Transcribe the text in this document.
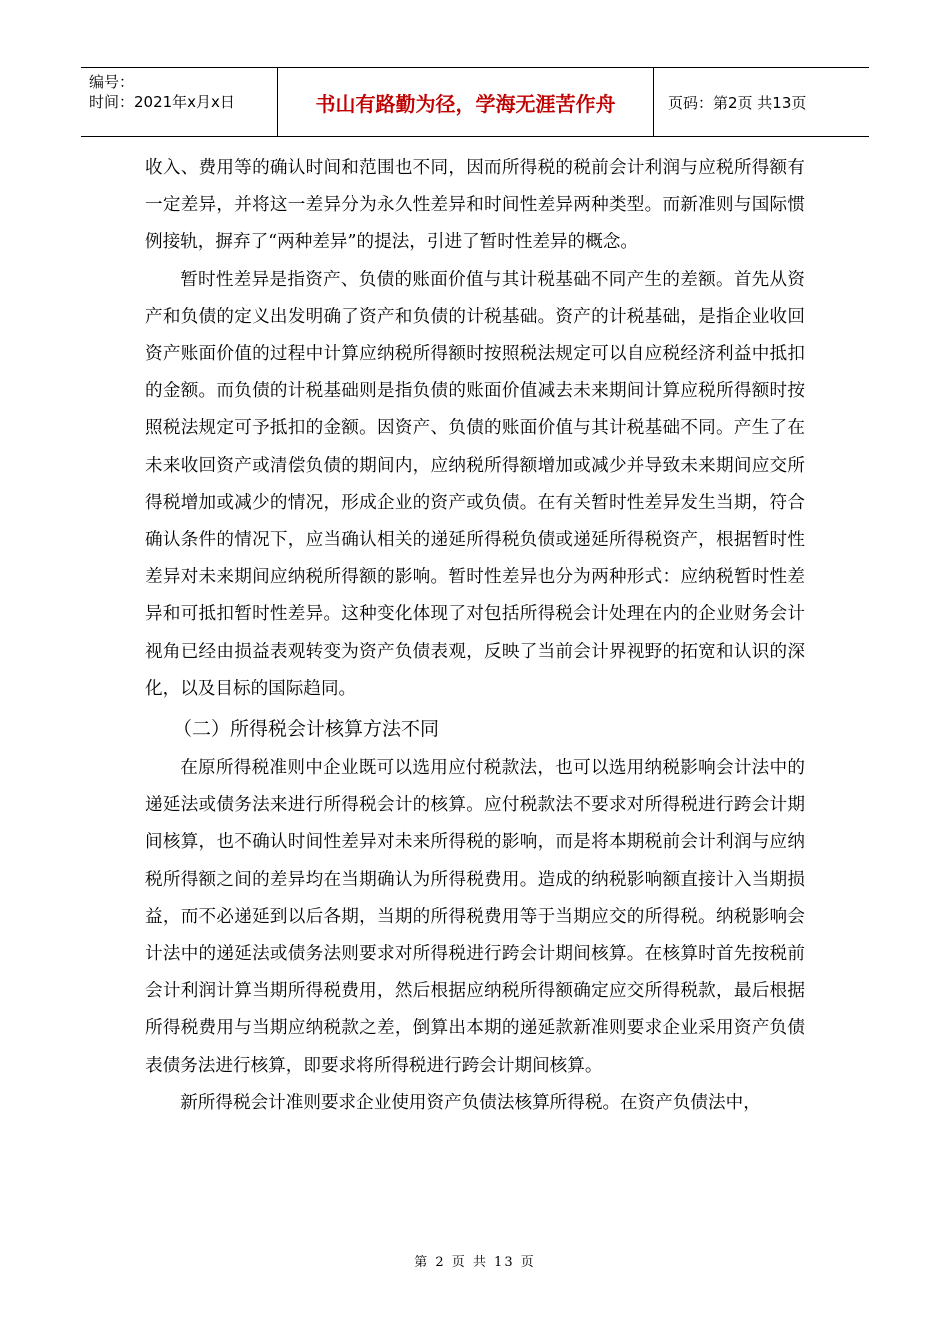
编号：
时间：2021年x月x日	书山有路勤为径，学海无涯苦作舟	页码：第2页 共13页

收入、费用等的确认时间和范围也不同，因而所得税的税前会计利润与应税所得额有一定差异，并将这一差异分为永久性差异和时间性差异两种类型。而新准则与国际惯例接轨，摒弃了“两种差异”的提法，引进了暂时性差异的概念。

暂时性差异是指资产、负债的账面价值与其计税基础不同产生的差额。首先从资产和负债的定义出发明确了资产和负债的计税基础。资产的计税基础，是指企业收回资产账面价值的过程中计算应纳税所得额时按照税法规定可以自应税经济利益中抵扣的金额。而负债的计税基础则是指负债的账面价值减去未来期间计算应税所得额时按照税法规定可予抵扣的金额。因资产、负债的账面价值与其计税基础不同。产生了在未来收回资产或清偿负债的期间内，应纳税所得额增加或减少并导致未来期间应交所得税增加或减少的情况，形成企业的资产或负债。在有关暂时性差异发生当期，符合确认条件的情况下，应当确认相关的递延所得税负债或递延所得税资产，根据暂时性差异对未来期间应纳税所得额的影响。暂时性差异也分为两种形式：应纳税暂时性差异和可抵扣暂时性差异。这种变化体现了对包括所得税会计处理在内的企业财务会计视角已经由损益表观转变为资产负债表观，反映了当前会计界视野的拓宽和认识的深化，以及目标的国际趋同。

（二）所得税会计核算方法不同

在原所得税准则中企业既可以选用应付税款法，也可以选用纳税影响会计法中的递延法或债务法来进行所得税会计的核算。应付税款法不要求对所得税进行跨会计期间核算，也不确认时间性差异对未来所得税的影响，而是将本期税前会计利润与应纳税所得额之间的差异均在当期确认为所得税费用。造成的纳税影响额直接计入当期损益，而不必递延到以后各期，当期的所得税费用等于当期应交的所得税。纳税影响会计法中的递延法或债务法则要求对所得税进行跨会计期间核算。在核算时首先按税前会计利润计算当期所得税费用，然后根据应纳税所得额确定应交所得税款，最后根据所得税费用与当期应纳税款之差，倒算出本期的递延款新准则要求企业采用资产负债表债务法进行核算，即要求将所得税进行跨会计期间核算。

新所得税会计准则要求企业使用资产负债法核算所得税。在资产负债法中，

第 2 页 共 13 页
